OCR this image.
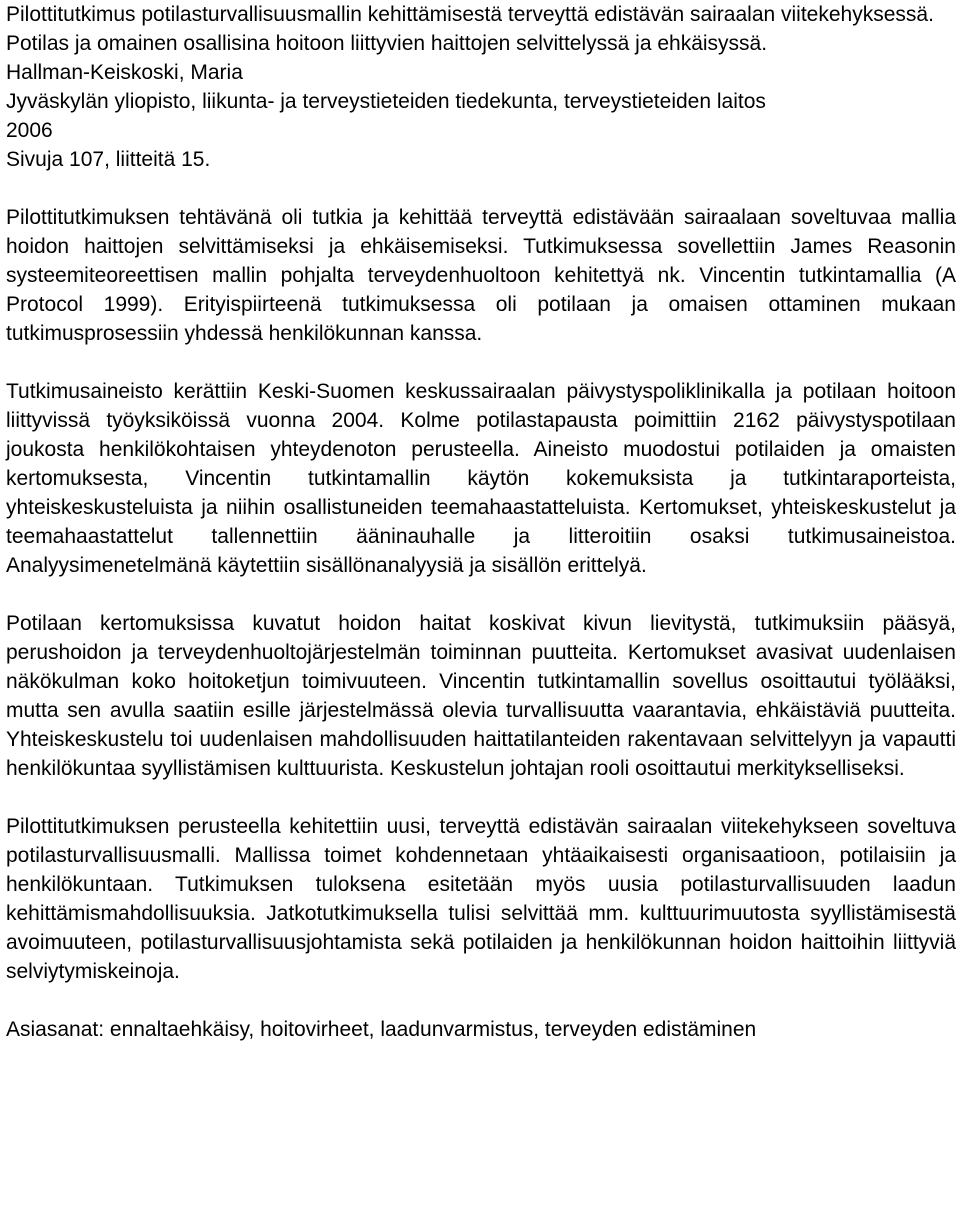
Pilottitutkimus potilasturvallisuusmallin kehittämisestä terveyttä edistävän sairaalan viitekehyksessä. Potilas ja omainen osallisina hoitoon liittyvien haittojen selvittelyssä ja ehkäisyssä.
Hallman-Keiskoski, Maria
Jyväskylän yliopisto, liikunta- ja terveystieteiden tiedekunta, terveystieteiden laitos
2006
Sivuja 107, liitteitä 15.

Pilottitutkimuksen tehtävänä oli tutkia ja kehittää terveyttä edistävään sairaalaan soveltuvaa mallia hoidon haittojen selvittämiseksi ja ehkäisemiseksi. Tutkimuksessa sovellettiin James Reasonin systeemiteoreettisen mallin pohjalta terveydenhuoltoon kehitettyä nk. Vincentin tutkintamallia (A Protocol 1999). Erityispiirteenä tutkimuksessa oli potilaan ja omaisen ottaminen mukaan tutkimusprosessiin yhdessä henkilökunnan kanssa.

Tutkimusaineisto kerättiin Keski-Suomen keskussairaalan päivystyspoliklinikalla ja potilaan hoitoon liittyvissä työyksiköissä vuonna 2004. Kolme potilastapausta poimittiin 2162 päivystyspotilaan joukosta henkilökohtaisen yhteydenoton perusteella. Aineisto muodostui potilaiden ja omaisten kertomuksesta, Vincentin tutkintamallin käytön kokemuksista ja tutkintaraporteista, yhteiskeskusteluista ja niihin osallistuneiden teemahaastatteluista. Kertomukset, yhteiskeskustelut ja teemahaastattelut tallennettiin ääninauhalle ja litteroitiin osaksi tutkimusaineistoa. Analyysimenetelmänä käytettiin sisällönanalyysiä ja sisällön erittelyä.

Potilaan kertomuksissa kuvatut hoidon haitat koskivat kivun lievitystä, tutkimuksiin pääsyä, perushoidon ja terveydenhuoltojärjestelmän toiminnan puutteita. Kertomukset avasivat uudenlaisen näkökulman koko hoitoketjun toimivuuteen. Vincentin tutkintamallin sovellus osoittautui työlääksi, mutta sen avulla saatiin esille järjestelmässä olevia turvallisuutta vaarantavia, ehkäistäviä puutteita. Yhteiskeskustelu toi uudenlaisen mahdollisuuden haittatilanteiden rakentavaan selvittelyyn ja vapautti henkilökuntaa syyllistämisen kulttuurista. Keskustelun johtajan rooli osoittautui merkitykselliseksi.

Pilottitutkimuksen perusteella kehitettiin uusi, terveyttä edistävän sairaalan viitekehykseen soveltuva potilasturvallisuusmalli. Mallissa toimet kohdennetaan yhtäaikaisesti organisaatioon, potilaisiin ja henkilökuntaan. Tutkimuksen tuloksena esitetään myös uusia potilasturvallisuuden laadun kehittämismahdollisuuksia. Jatkotutkimuksella tulisi selvittää mm. kulttuurimuutosta syyllistämisestä avoimuuteen, potilasturvallisuusjohtamista sekä potilaiden ja henkilökunnan hoidon haittoihin liittyviä selviytymiskeinoja.

Asiasanat: ennaltaehkäisy, hoitovirheet, laadunvarmistus, terveyden edistäminen
